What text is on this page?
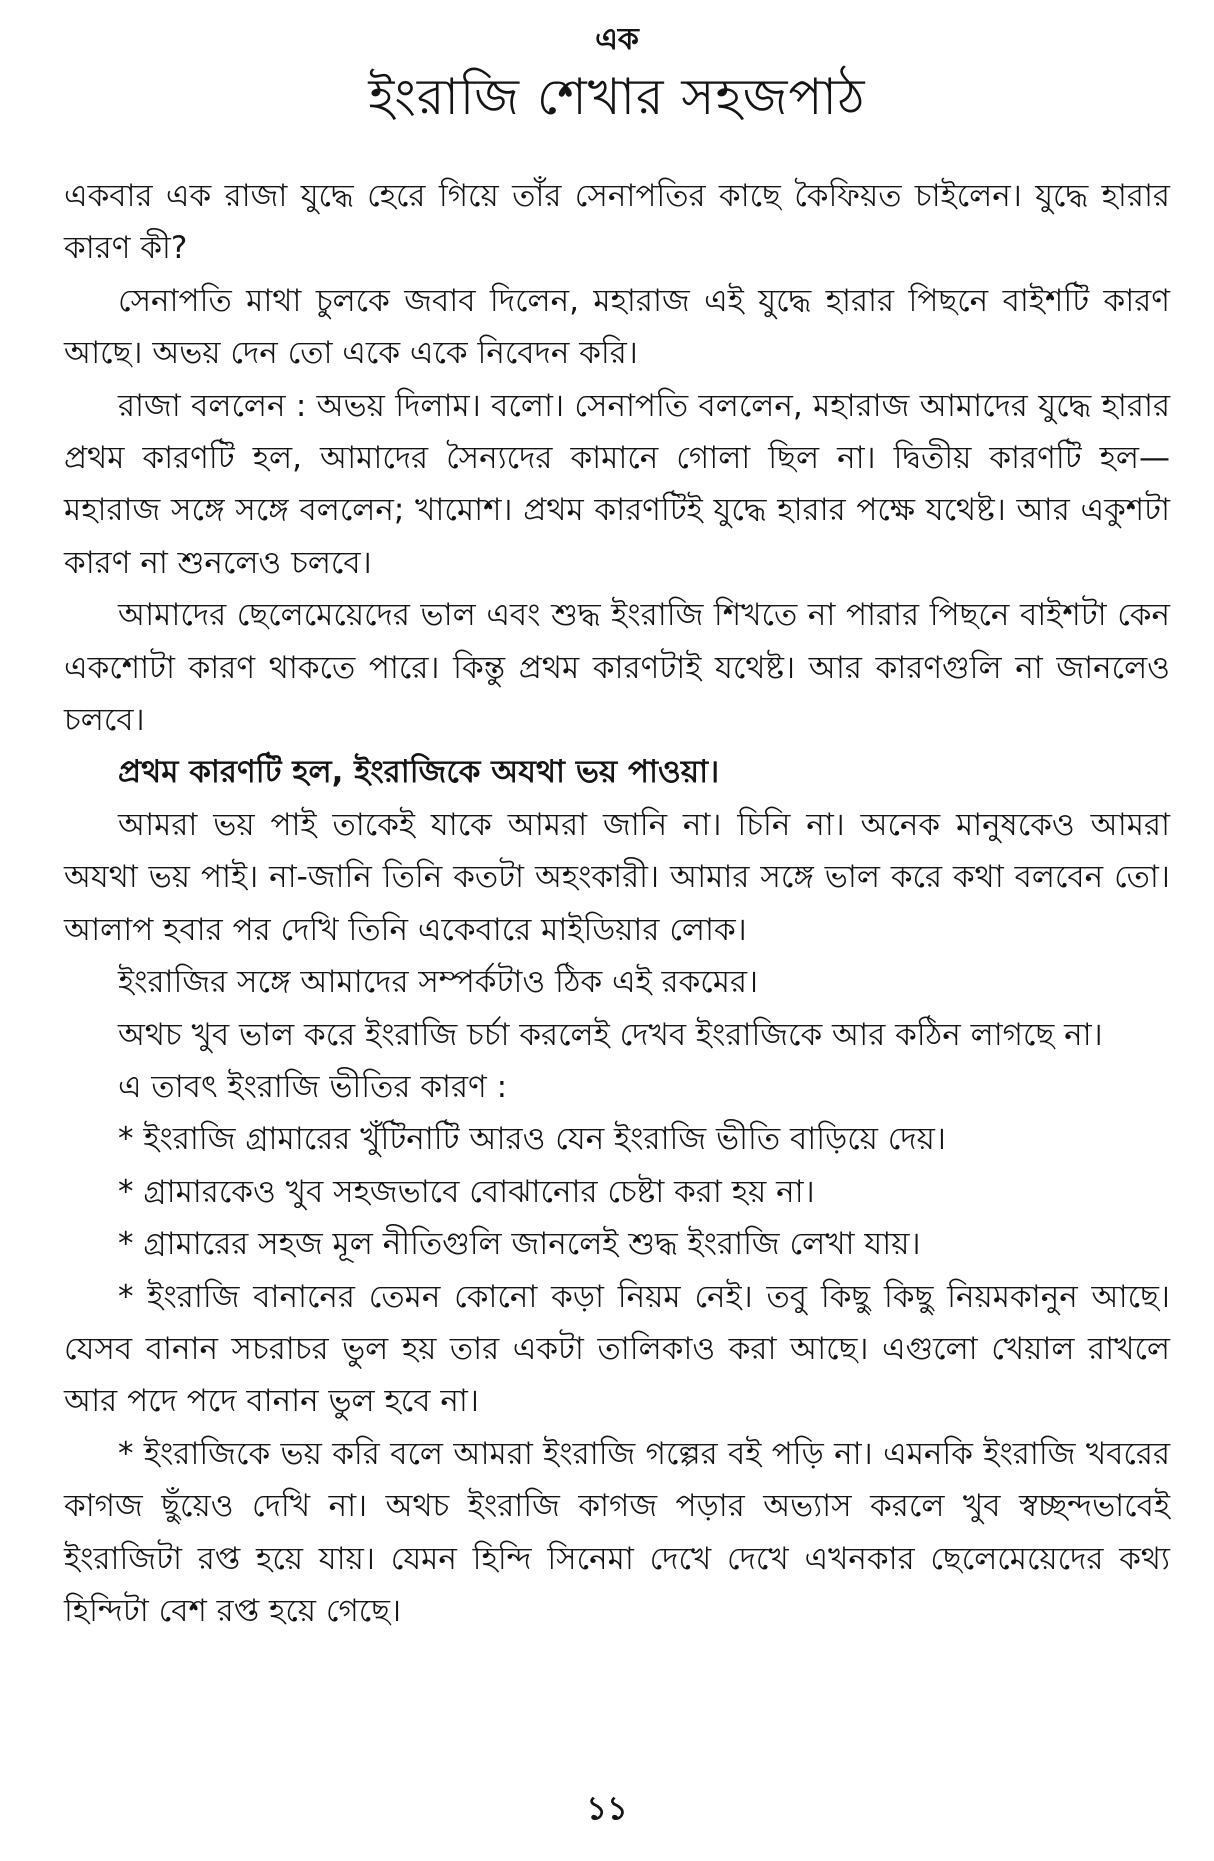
এক
ইংরাজি শেখার সহজপাঠ

একবার এক রাজা যুদ্ধে হেরে গিয়ে তাঁর সেনাপতির কাছে কৈফিয়ত চাইলেন। যুদ্ধে হারার কারণ কী?

সেনাপতি মাথা চুলকে জবাব দিলেন, মহারাজ এই যুদ্ধে হারার পিছনে বাইশটি কারণ আছে। অভয় দেন তো একে একে নিবেদন করি।

রাজা বললেন : অভয় দিলাম। বলো। সেনাপতি বললেন, মহারাজ আমাদের যুদ্ধে হারার প্রথম কারণটি হল, আমাদের সৈন্যদের কামানে গোলা ছিল না। দ্বিতীয় কারণটি হল— মহারাজ সঙ্গে সঙ্গে বললেন; খামোশ। প্রথম কারণটিই যুদ্ধে হারার পক্ষে যথেষ্ট। আর একুশটা কারণ না শুনলেও চলবে।

আমাদের ছেলেমেয়েদের ভাল এবং শুদ্ধ ইংরাজি শিখতে না পারার পিছনে বাইশটা কেন একশোটা কারণ থাকতে পারে। কিন্তু প্রথম কারণটাই যথেষ্ট। আর কারণগুলি না জানলেও চলবে।

প্রথম কারণটি হল, ইংরাজিকে অযথা ভয় পাওয়া।

আমরা ভয় পাই তাকেই যাকে আমরা জানি না। চিনি না। অনেক মানুষকেও আমরা অযথা ভয় পাই। না-জানি তিনি কতটা অহংকারী। আমার সঙ্গে ভাল করে কথা বলবেন তো। আলাপ হবার পর দেখি তিনি একেবারে মাইডিয়ার লোক।

ইংরাজির সঙ্গে আমাদের সম্পর্কটাও ঠিক এই রকমের।

অথচ খুব ভাল করে ইংরাজি চর্চা করলেই দেখব ইংরাজিকে আর কঠিন লাগছে না।

এ তাবৎ ইংরাজি ভীতির কারণ :

* ইংরাজি গ্রামারের খুঁটিনাটি আরও যেন ইংরাজি ভীতি বাড়িয়ে দেয়।

* গ্রামারকেও খুব সহজভাবে বোঝানোর চেষ্টা করা হয় না।

* গ্রামারের সহজ মূল নীতিগুলি জানলেই শুদ্ধ ইংরাজি লেখা যায়।

* ইংরাজি বানানের তেমন কোনো কড়া নিয়ম নেই। তবু কিছু কিছু নিয়মকানুন আছে। যেসব বানান সচরাচর ভুল হয় তার একটা তালিকাও করা আছে। এগুলো খেয়াল রাখলে আর পদে পদে বানান ভুল হবে না।

* ইংরাজিকে ভয় করি বলে আমরা ইংরাজি গল্পের বই পড়ি না। এমনকি ইংরাজি খবরের কাগজ ছুঁয়েও দেখি না। অথচ ইংরাজি কাগজ পড়ার অভ্যাস করলে খুব স্বচ্ছন্দভাবেই ইংরাজিটা রপ্ত হয়ে যায়। যেমন হিন্দি সিনেমা দেখে দেখে এখনকার ছেলেমেয়েদের কথ্য হিন্দিটা বেশ রপ্ত হয়ে গেছে।

১১
